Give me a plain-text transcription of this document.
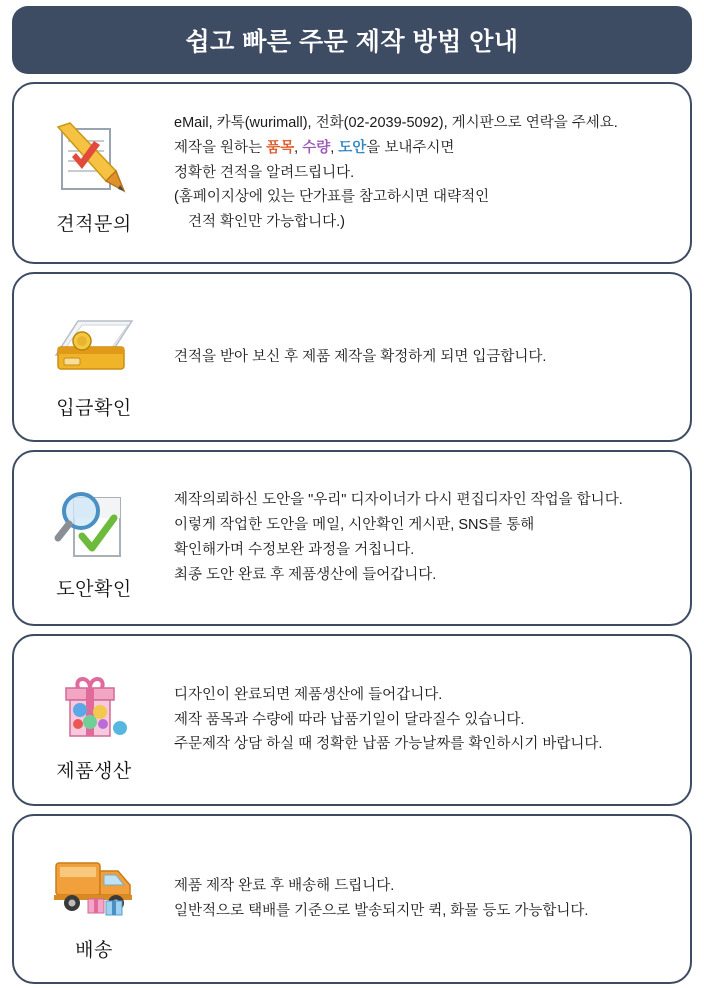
쉽고 빠른 주문 제작 방법 안내
견적문의
eMail, 카톡(wurimall), 전화(02-2039-5092), 게시판으로 연락을 주세요.
제작을 원하는 품목, 수량, 도안을 보내주시면
정확한 견적을 알려드립니다.
(홈페이지상에 있는 단가표를 참고하시면 대략적인
견적 확인만 가능합니다.)
입금확인
견적을 받아 보신 후 제품 제작을 확정하게 되면 입금합니다.
도안확인
제작의뢰하신 도안을 "우리" 디자이너가 다시 편집디자인 작업을 합니다.
이렇게 작업한 도안을 메일, 시안확인 게시판, SNS를 통해
확인해가며 수정보완 과정을 거칩니다.
최종 도안 완료 후 제품생산에 들어갑니다.
제품생산
디자인이 완료되면 제품생산에 들어갑니다.
제작 품목과 수량에 따라 납품기일이 달라질수 있습니다.
주문제작 상담 하실 때 정확한 납품 가능날짜를 확인하시기 바랍니다.
배송
제품 제작 완료 후 배송해 드립니다.
일반적으로 택배를 기준으로 발송되지만 퀵, 화물 등도 가능합니다.
